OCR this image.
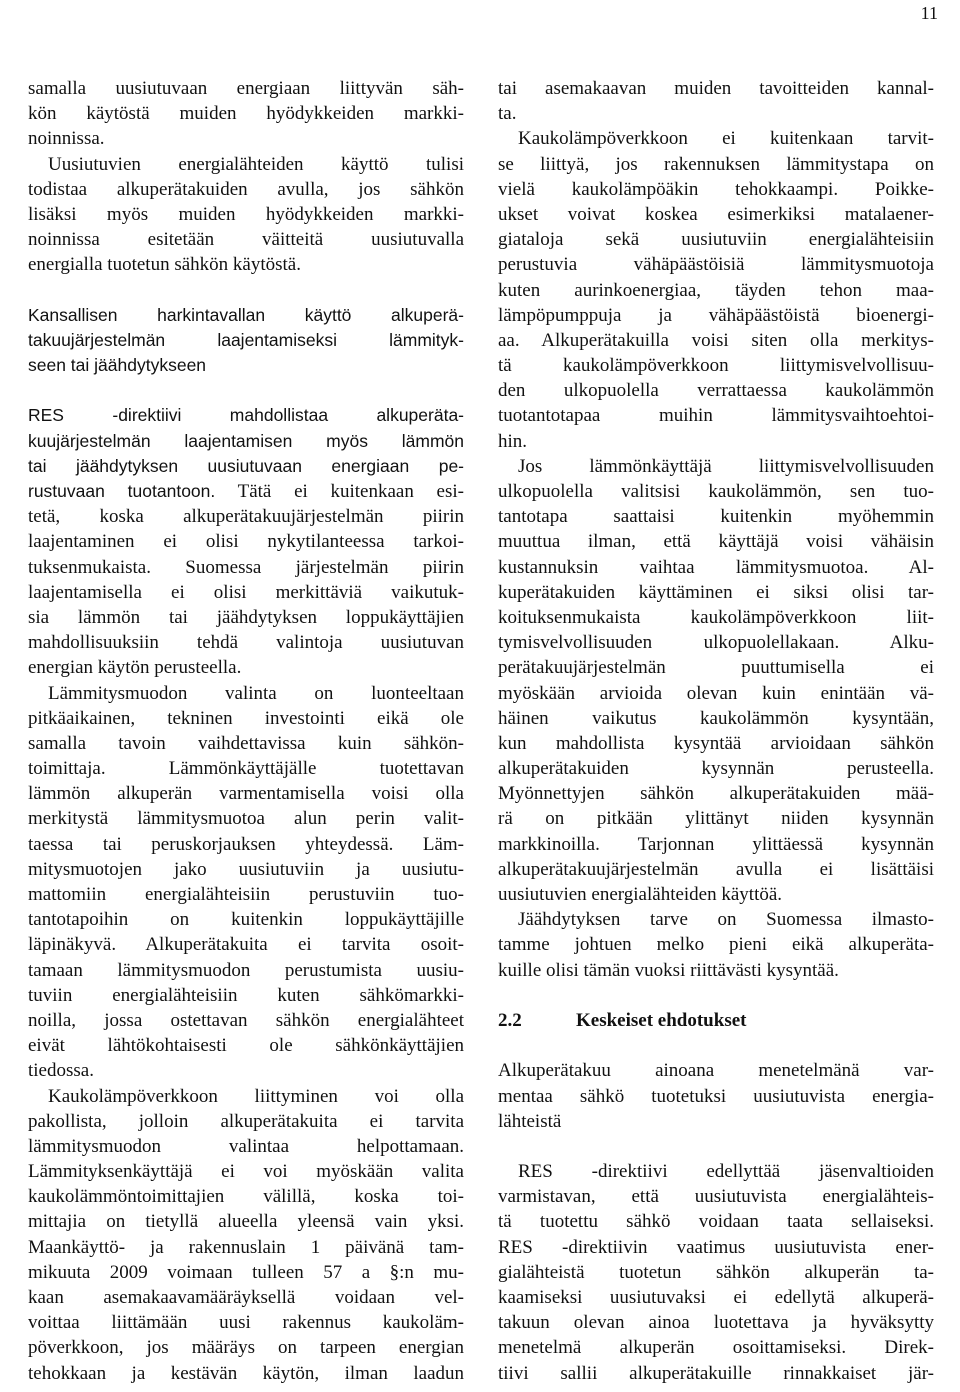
11
samalla uusiutuvaan energiaan liittyvän säh-
kön käytöstä muiden hyödykkeiden markki-
noinnissa.
Uusiutuvien energialähteiden käyttö tulisi
todistaa alkuperätakuiden avulla, jos sähkön
lisäksi myös muiden hyödykkeiden markki-
noinnissa esitetään väitteitä uusiutuvalla
energialla tuotetun sähkön käytöstä.
Kansallisen harkintavallan käyttö alkuperä-
takuujärjestelmän laajentamiseksi lämmityk-
seen tai jäähdytykseen
RES -direktiivi mahdollistaa alkuperäta-
kuujärjestelmän laajentamisen myös lämmön
tai jäähdytyksen uusiutuvaan energiaan pe-
rustuvaan tuotantoon. Tätä ei kuitenkaan esi-
tetä, koska alkuperätakuujärjestelmän piirin
laajentaminen ei olisi nykytilanteessa tarkoi-
tuksenmukaista. Suomessa järjestelmän piirin
laajentamisella ei olisi merkittäviä vaikutuk-
sia lämmön tai jäähdytyksen loppukäyttäjien
mahdollisuuksiin tehdä valintoja uusiutuvan
energian käytön perusteella.
Lämmitysmuodon valinta on luonteeltaan
pitkäaikainen, tekninen investointi eikä ole
samalla tavoin vaihdettavissa kuin sähkön-
toimittaja. Lämmönkäyttäjälle tuotettavan
lämmön alkuperän varmentamisella voisi olla
merkitystä lämmitysmuotoa alun perin valit-
taessa tai peruskorjauksen yhteydessä. Läm-
mitysmuotojen jako uusiutuviin ja uusiutu-
mattomiin energialähteisiin perustuviin tuo-
tantotapoihin on kuitenkin loppukäyttäjille
läpinäkyvä. Alkuperätakuita ei tarvita osoit-
tamaan lämmitysmuodon perustumista uusiu-
tuviin energialähteisiin kuten sähkömarkki-
noilla, jossa ostettavan sähkön energialähteet
eivät lähtökohtaisesti ole sähkönkäyttäjien
tiedossa.
Kaukolämpöverkkoon liittyminen voi olla
pakollista, jolloin alkuperätakuita ei tarvita
lämmitysmuodon valintaa helpottamaan.
Lämmityksenkäyttäjä ei voi myöskään valita
kaukolämmöntoimittajien välillä, koska toi-
mittajia on tietyllä alueella yleensä vain yksi.
Maankäyttö- ja rakennuslain 1 päivänä tam-
mikuuta 2009 voimaan tulleen 57 a §:n mu-
kaan asemakaavamääräyksellä voidaan vel-
voittaa liittämään uusi rakennus kaukoläm-
pöverkkoon, jos määräys on tarpeen energian
tehokkaan ja kestävän käytön, ilman laadun
tai asemakaavan muiden tavoitteiden kannal-
ta.
Kaukolämpöverkkoon ei kuitenkaan tarvit-
se liittyä, jos rakennuksen lämmitystapa on
vielä kaukolämpöäkin tehokkaampi. Poikke-
ukset voivat koskea esimerkiksi matalaener-
giataloja sekä uusiutuviin energialähteisiin
perustuvia vähäpäästöisiä lämmitysmuotoja
kuten aurinkoenergiaa, täyden tehon maa-
lämpöpumppuja ja vähäpäästöistä bioenergi-
aa. Alkuperätakuilla voisi siten olla merkitys-
tä kaukolämpöverkkoon liittymisvelvollisuu-
den ulkopuolella verrattaessa kaukolämmön
tuotantotapaa muihin lämmitysvaihtoehtoi-
hin.
Jos lämmönkäyttäjä liittymisvelvollisuuden
ulkopuolella valitsisi kaukolämmön, sen tuo-
tantotapa saattaisi kuitenkin myöhemmin
muuttua ilman, että käyttäjä voisi vähäisin
kustannuksin vaihtaa lämmitysmuotoa. Al-
kuperätakuiden käyttäminen ei siksi olisi tar-
koituksenmukaista kaukolämpöverkkoon liit-
tymisvelvollisuuden ulkopuolellakaan. Alku-
perätakuujärjestelmän puuttumisella ei
myöskään arvioida olevan kuin enintään vä-
häinen vaikutus kaukolämmön kysyntään,
kun mahdollista kysyntää arvioidaan sähkön
alkuperätakuiden kysynnän perusteella.
Myönnettyjen sähkön alkuperätakuiden mää-
rä on pitkään ylittänyt niiden kysynnän
markkinoilla. Tarjonnan ylittäessä kysynnän
alkuperätakuujärjestelmän avulla ei lisättäisi
uusiutuvien energialähteiden käyttöä.
Jäähdytyksen tarve on Suomessa ilmasto-
tamme johtuen melko pieni eikä alkuperäta-
kuille olisi tämän vuoksi riittävästi kysyntää.
2.2	Keskeiset ehdotukset
Alkuperätakuu ainoana menetelmänä var-
mentaa sähkö tuotetuksi uusiutuvista energia-
lähteistä
RES -direktiivi edellyttää jäsenvaltioiden
varmistavan, että uusiutuvista energialähteis-
tä tuotettu sähkö voidaan taata sellaiseksi.
RES -direktiivin vaatimus uusiutuvista ener-
gialähteistä tuotetun sähkön alkuperän ta-
kaamiseksi uusiutuvaksi ei edellytä alkuperä-
takuun olevan ainoa luotettava ja hyväksytty
menetelmä alkuperän osoittamiseksi. Direk-
tiivi sallii alkuperätakuille rinnakkaiset jär-
